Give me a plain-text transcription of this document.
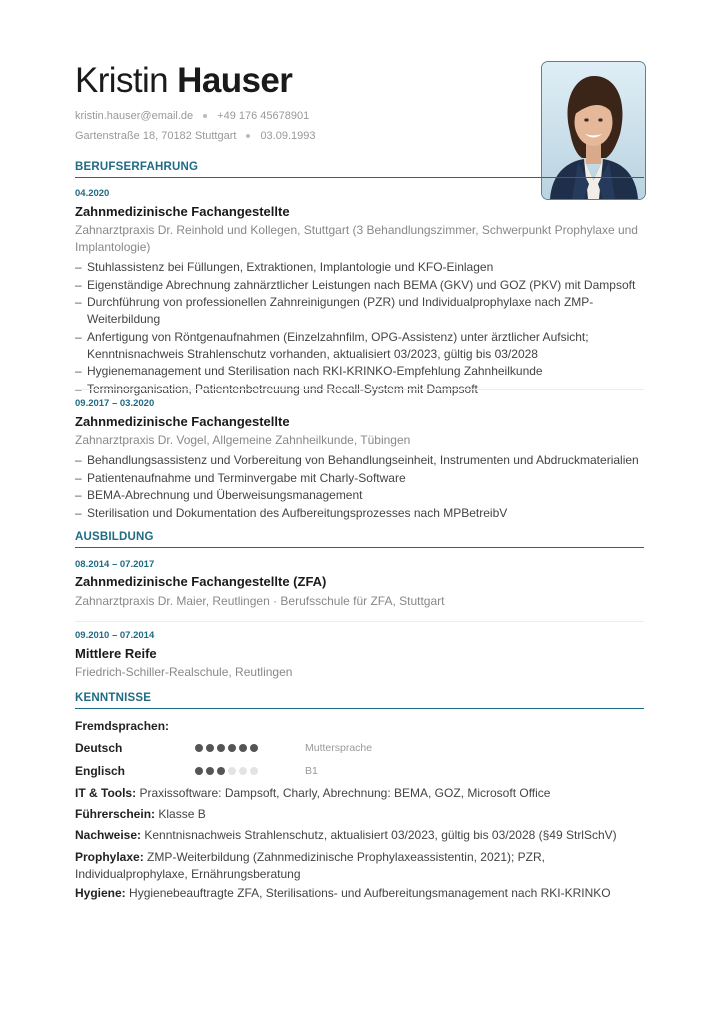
Kristin Hauser
kristin.hauser@email.de +49 176 45678901
Gartenstraße 18, 70182 Stuttgart 03.09.1993
BERUFSERFAHRUNG
04.2020
Zahnmedizinische Fachangestellte
Zahnarztpraxis Dr. Reinhold und Kollegen, Stuttgart (3 Behandlungszimmer, Schwerpunkt Prophylaxe und Implantologie)
– Stuhlassistenz bei Füllungen, Extraktionen, Implantologie und KFO-Einlagen
– Eigenständige Abrechnung zahnärztlicher Leistungen nach BEMA (GKV) und GOZ (PKV) mit Dampsoft
– Durchführung von professionellen Zahnreinigungen (PZR) und Individualprophylaxe nach ZMP-Weiterbildung
– Anfertigung von Röntgenaufnahmen (Einzelzahnfilm, OPG-Assistenz) unter ärztlicher Aufsicht; Kenntnisnachweis Strahlenschutz vorhanden, aktualisiert 03/2023, gültig bis 03/2028
– Hygienemanagement und Sterilisation nach RKI-KRINKO-Empfehlung Zahnheilkunde
– Terminorganisation, Patientenbetreuung und Recall-System mit Dampsoft
09.2017 – 03.2020
Zahnmedizinische Fachangestellte
Zahnarztpraxis Dr. Vogel, Allgemeine Zahnheilkunde, Tübingen
– Behandlungsassistenz und Vorbereitung von Behandlungseinheit, Instrumenten und Abdruckmaterialien
– Patientenaufnahme und Terminvergabe mit Charly-Software
– BEMA-Abrechnung und Überweisungsmanagement
– Sterilisation und Dokumentation des Aufbereitungsprozesses nach MPBetreibV
AUSBILDUNG
08.2014 – 07.2017
Zahnmedizinische Fachangestellte (ZFA)
Zahnarztpraxis Dr. Maier, Reutlingen · Berufsschule für ZFA, Stuttgart
09.2010 – 07.2014
Mittlere Reife
Friedrich-Schiller-Realschule, Reutlingen
KENNTNISSE
Fremdsprachen:
Deutsch	Muttersprache
Englisch	B1
IT & Tools: Praxissoftware: Dampsoft, Charly, Abrechnung: BEMA, GOZ, Microsoft Office
Führerschein: Klasse B
Nachweise: Kenntnisnachweis Strahlenschutz, aktualisiert 03/2023, gültig bis 03/2028 (§49 StrlSchV)
Prophylaxe: ZMP-Weiterbildung (Zahnmedizinische Prophylaxeassistentin, 2021); PZR, Individualprophylaxe, Ernährungsberatung
Hygiene: Hygienebeauftragte ZFA, Sterilisations- und Aufbereitungsmanagement nach RKI-KRINKO
